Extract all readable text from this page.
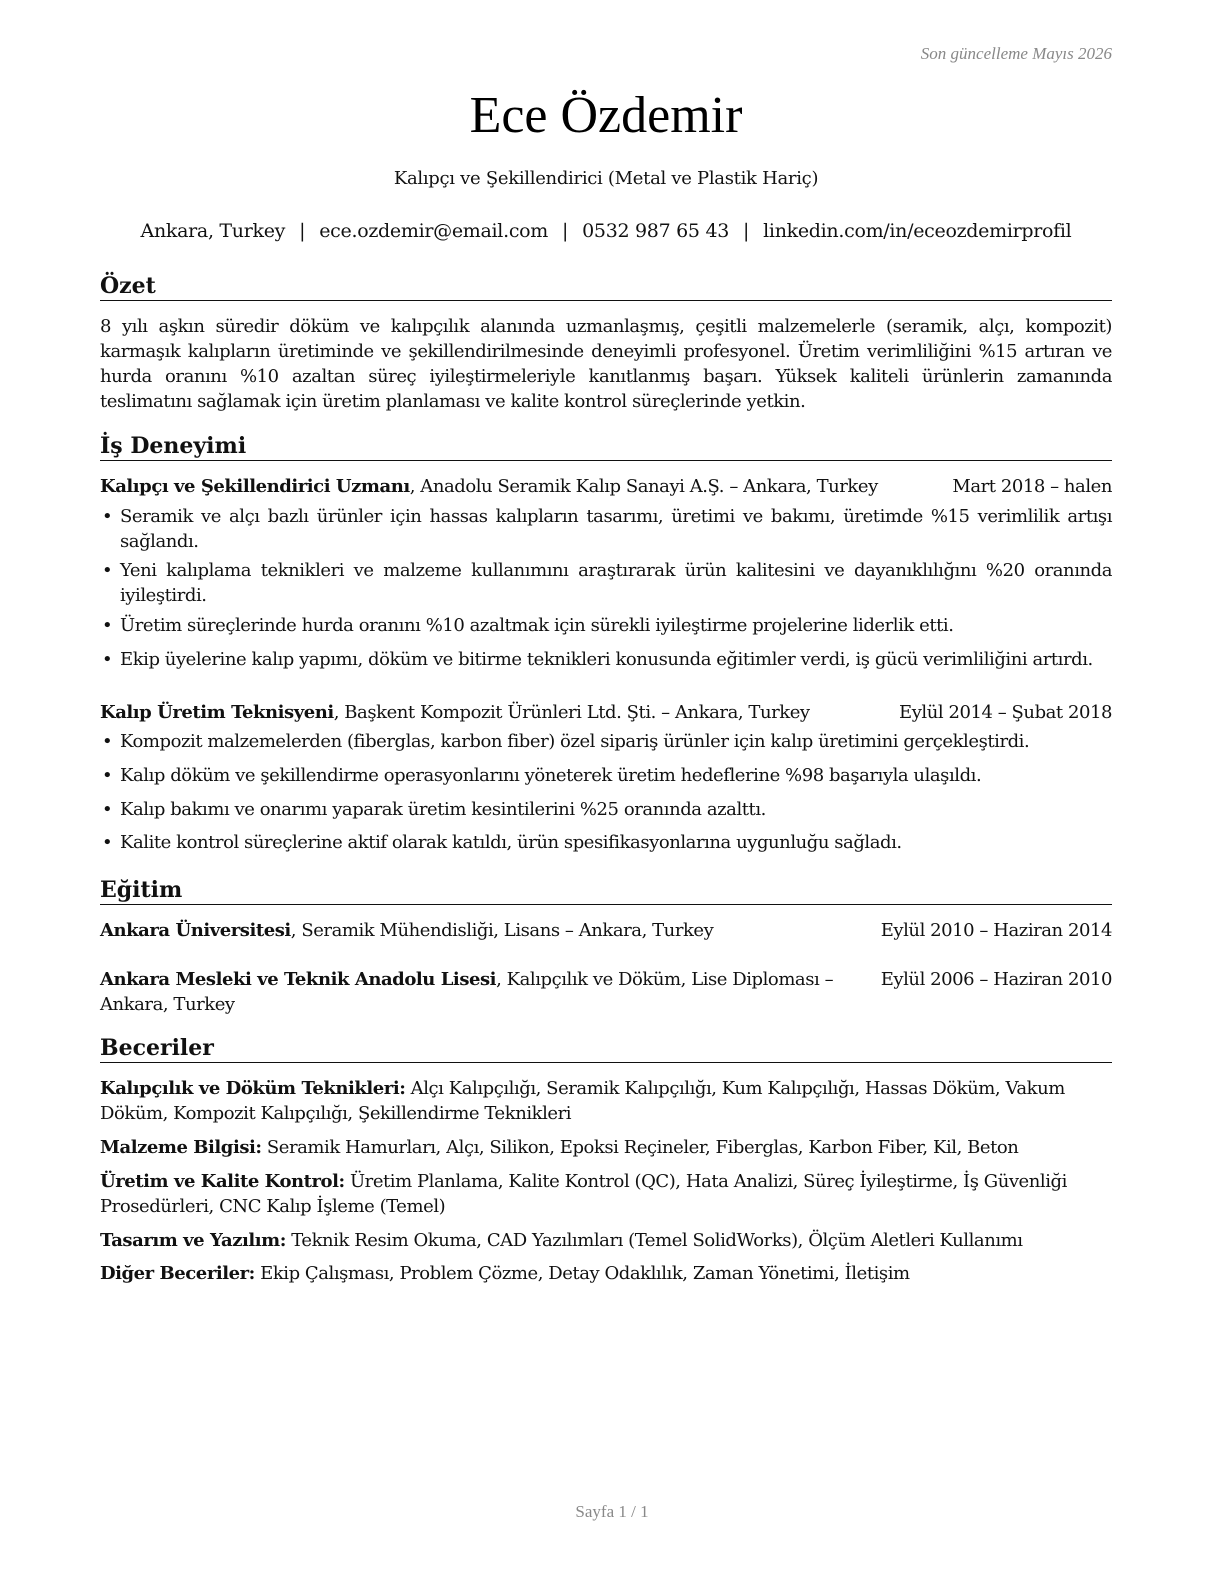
Son güncelleme Mayıs 2026
Ece Özdemir
Kalıpçı ve Şekillendirici (Metal ve Plastik Hariç)
Ankara, Turkey | ece.ozdemir@email.com | 0532 987 65 43 | linkedin.com/in/eceozdemirprofil
Özet
8 yılı aşkın süredir döküm ve kalıpçılık alanında uzmanlaşmış, çeşitli malzemelerle (seramik, alçı, kompozit) karmaşık kalıpların üretiminde ve şekillendirilmesinde deneyimli profesyonel. Üretim verimliliğini %15 artıran ve hurda oranını %10 azaltan süreç iyileştirmeleriyle kanıtlanmış başarı. Yüksek kaliteli ürünlerin zamanında teslimatını sağlamak için üretim planlaması ve kalite kontrol süreçlerinde yetkin.
İş Deneyimi
Kalıpçı ve Şekillendirici Uzmanı, Anadolu Seramik Kalıp Sanayi A.Ş. – Ankara, Turkey	Mart 2018 – halen
• Seramik ve alçı bazlı ürünler için hassas kalıpların tasarımı, üretimi ve bakımı, üretimde %15 verimlilik artışı sağlandı.
• Yeni kalıplama teknikleri ve malzeme kullanımını araştırarak ürün kalitesini ve dayanıklılığını %20 oranında iyileştirdi.
• Üretim süreçlerinde hurda oranını %10 azaltmak için sürekli iyileştirme projelerine liderlik etti.
• Ekip üyelerine kalıp yapımı, döküm ve bitirme teknikleri konusunda eğitimler verdi, iş gücü verimliliğini artırdı.
Kalıp Üretim Teknisyeni, Başkent Kompozit Ürünleri Ltd. Şti. – Ankara, Turkey	Eylül 2014 – Şubat 2018
• Kompozit malzemelerden (fiberglas, karbon fiber) özel sipariş ürünler için kalıp üretimini gerçekleştirdi.
• Kalıp döküm ve şekillendirme operasyonlarını yöneterek üretim hedeflerine %98 başarıyla ulaşıldı.
• Kalıp bakımı ve onarımı yaparak üretim kesintilerini %25 oranında azalttı.
• Kalite kontrol süreçlerine aktif olarak katıldı, ürün spesifikasyonlarına uygunluğu sağladı.
Eğitim
Ankara Üniversitesi, Seramik Mühendisliği, Lisans – Ankara, Turkey	Eylül 2010 – Haziran 2014
Ankara Mesleki ve Teknik Anadolu Lisesi, Kalıpçılık ve Döküm, Lise Diploması – Ankara, Turkey
Eylül 2006 – Haziran 2010
Beceriler
Kalıpçılık ve Döküm Teknikleri: Alçı Kalıpçılığı, Seramik Kalıpçılığı, Kum Kalıpçılığı, Hassas Döküm, Vakum Döküm, Kompozit Kalıpçılığı, Şekillendirme Teknikleri
Malzeme Bilgisi: Seramik Hamurları, Alçı, Silikon, Epoksi Reçineler, Fiberglas, Karbon Fiber, Kil, Beton
Üretim ve Kalite Kontrol: Üretim Planlama, Kalite Kontrol (QC), Hata Analizi, Süreç İyileştirme, İş Güvenliği Prosedürleri, CNC Kalıp İşleme (Temel)
Tasarım ve Yazılım: Teknik Resim Okuma, CAD Yazılımları (Temel SolidWorks), Ölçüm Aletleri Kullanımı
Diğer Beceriler: Ekip Çalışması, Problem Çözme, Detay Odaklılık, Zaman Yönetimi, İletişim
Sayfa 1 / 1
